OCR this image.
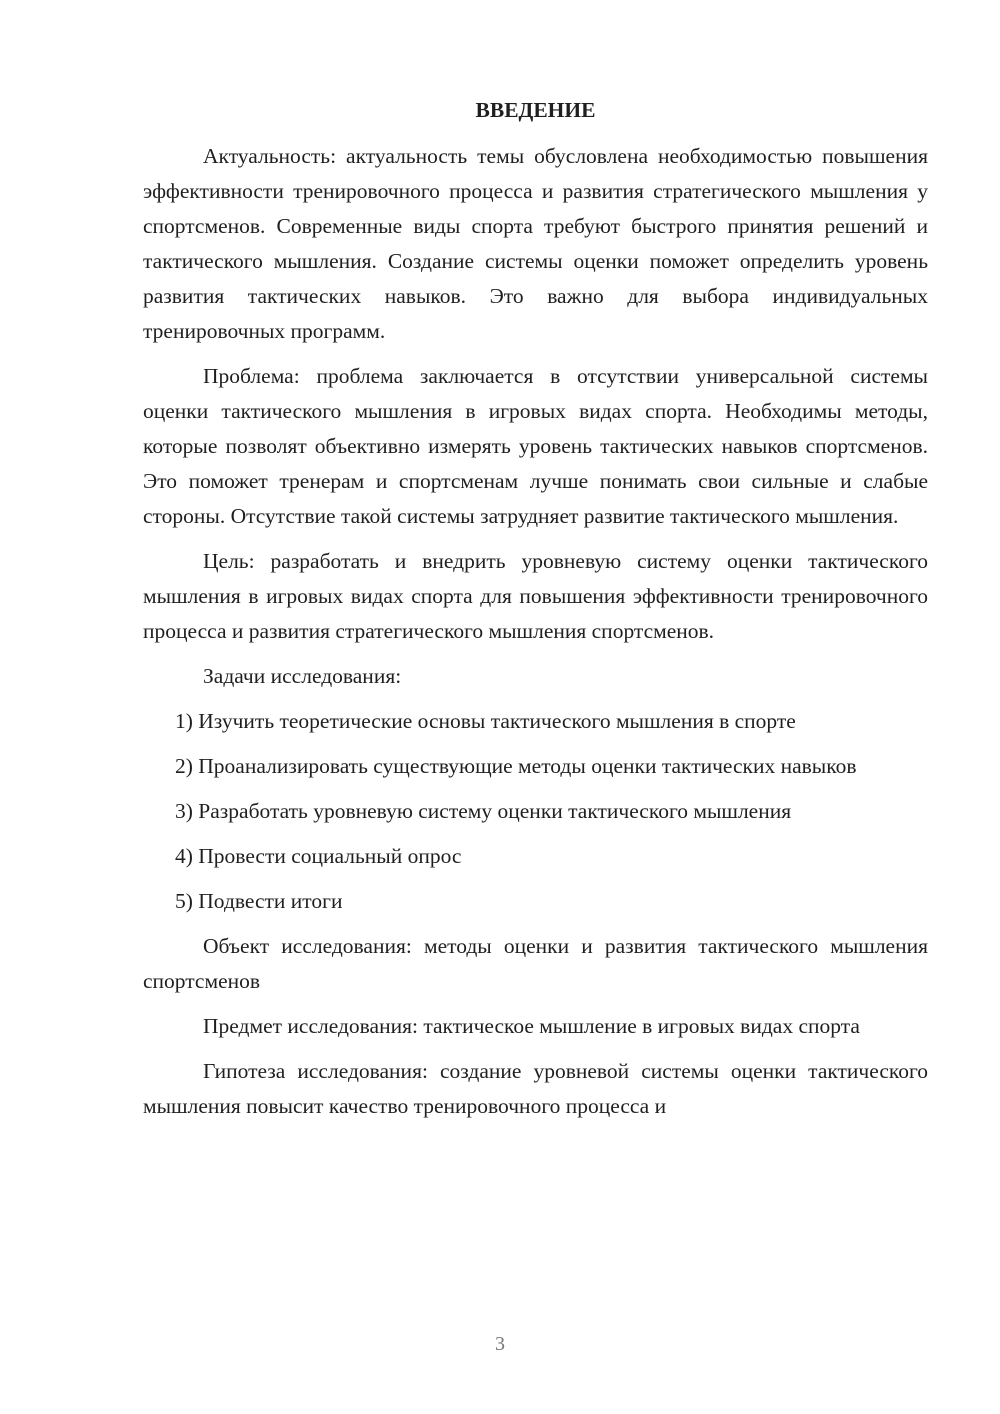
ВВЕДЕНИЕ

Актуальность: актуальность темы обусловлена необходимостью повышения эффективности тренировочного процесса и развития стратегического мышления у спортсменов. Современные виды спорта требуют быстрого принятия решений и тактического мышления. Создание системы оценки поможет определить уровень развития тактических навыков. Это важно для выбора индивидуальных тренировочных программ.

Проблема: проблема заключается в отсутствии универсальной системы оценки тактического мышления в игровых видах спорта. Необходимы методы, которые позволят объективно измерять уровень тактических навыков спортсменов. Это поможет тренерам и спортсменам лучше понимать свои сильные и слабые стороны. Отсутствие такой системы затрудняет развитие тактического мышления.

Цель: разработать и внедрить уровневую систему оценки тактического мышления в игровых видах спорта для повышения эффективности тренировочного процесса и развития стратегического мышления спортсменов.

Задачи исследования:

1) Изучить теоретические основы тактического мышления в спорте

2) Проанализировать существующие методы оценки тактических навыков

3) Разработать уровневую систему оценки тактического мышления

4) Провести социальный опрос

5) Подвести итоги

Объект исследования: методы оценки и развития тактического мышления спортсменов

Предмет исследования: тактическое мышление в игровых видах спорта

Гипотеза исследования: создание уровневой системы оценки тактического мышления повысит качество тренировочного процесса и

3
